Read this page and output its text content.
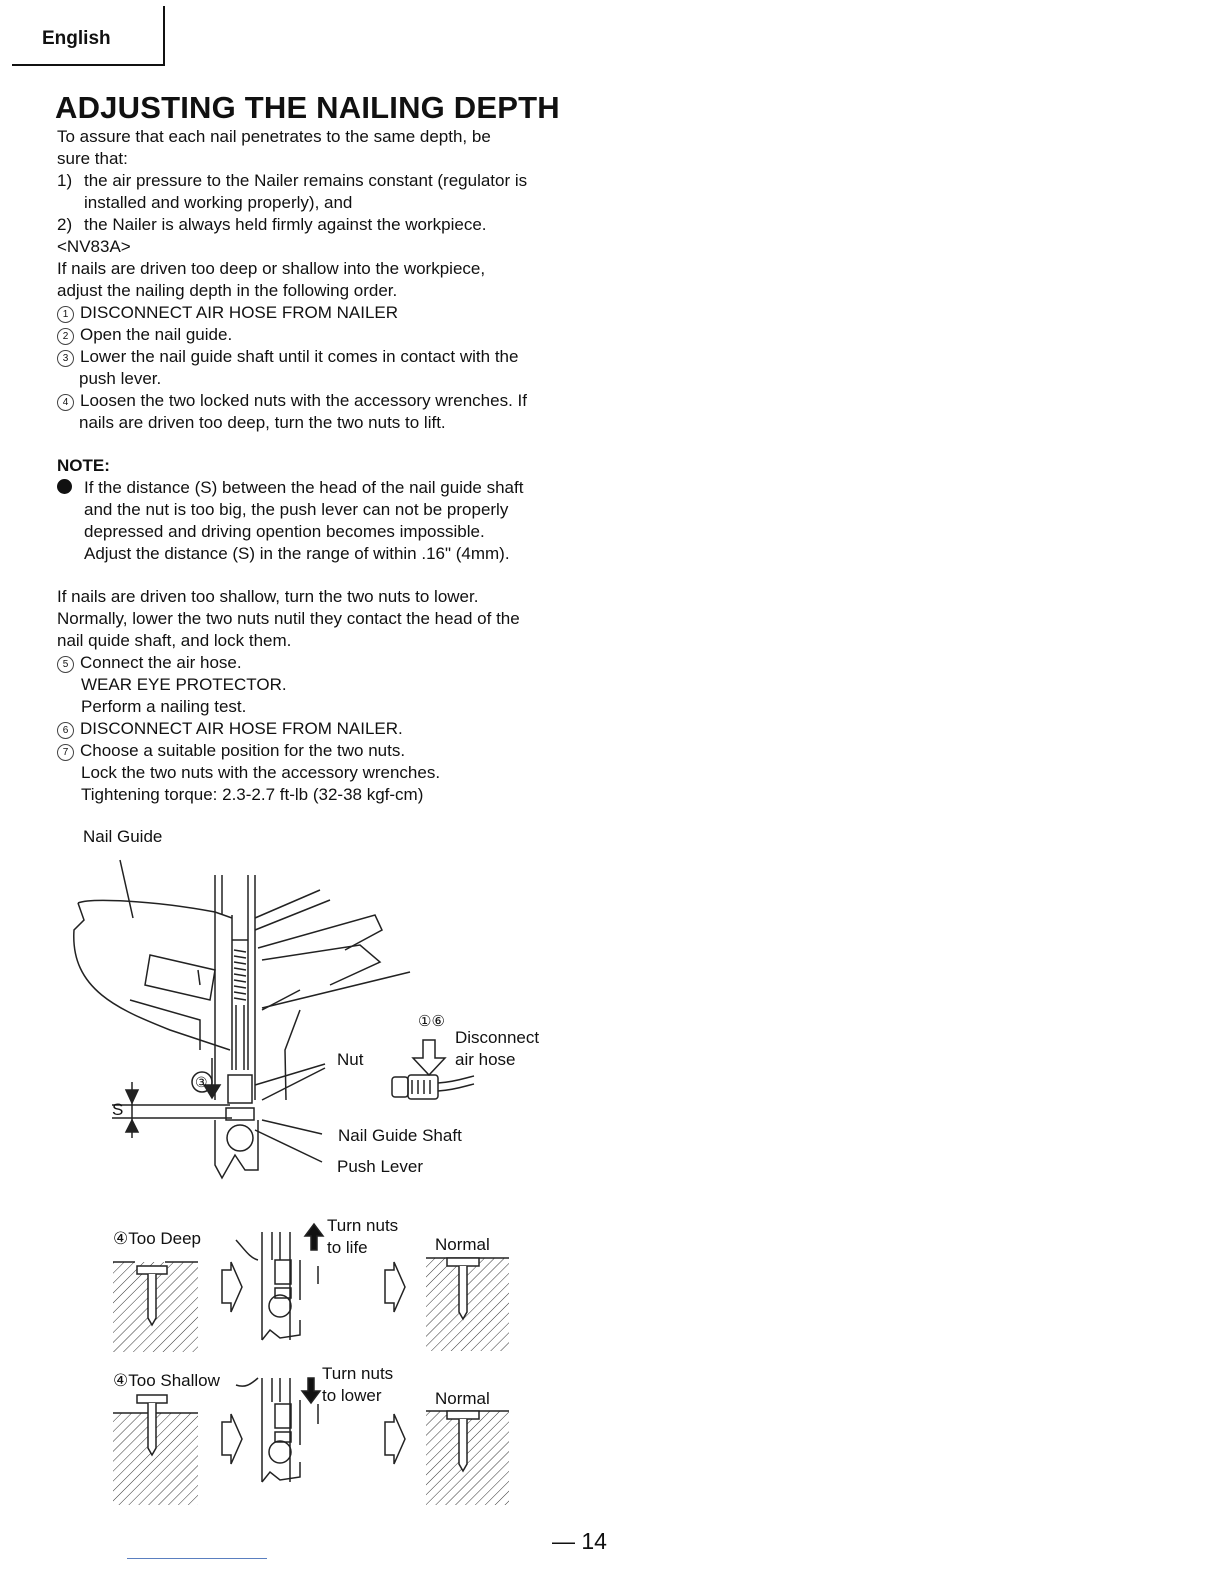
English
ADJUSTING THE NAILING DEPTH
To assure that each nail penetrates to the same depth, be
sure that:
1) the air pressure to the Nailer remains constant (regulator is
installed and working properly), and
2) the Nailer is always held firmly against the workpiece.
<NV83A>
If nails are driven too deep or shallow into the workpiece,
adjust the nailing depth in the following order.
1 DISCONNECT AIR HOSE FROM NAILER
2 Open the nail guide.
3 Lower the nail guide shaft until it comes in contact with the
push lever.
4 Loosen the two locked nuts with the accessory wrenches. If
nails are driven too deep, turn the two nuts to lift.
NOTE:
If the distance (S) between the head of the nail guide shaft
and the nut is too big, the push lever can not be properly
depressed and driving opention becomes impossible.
Adjust the distance (S) in the range of within .16" (4mm).
If nails are driven too shallow, turn the two nuts to lower.
Normally, lower the two nuts nutil they contact the head of the
nail quide shaft, and lock them.
5 Connect the air hose.
WEAR EYE PROTECTOR.
Perform a nailing test.
6 DISCONNECT AIR HOSE FROM NAILER.
7 Choose a suitable position for the two nuts.
Lock the two nuts with the accessory wrenches.
Tightening torque: 2.3-2.7 ft-lb (32-38 kgf-cm)
Nail Guide
①⑥
Disconnect
air hose
Nut
③
S
Nail Guide Shaft
Push Lever
④Too Deep
Turn nuts
to life	Normal
④Too Shallow	Turn nuts
to lower	Normal
— 14
